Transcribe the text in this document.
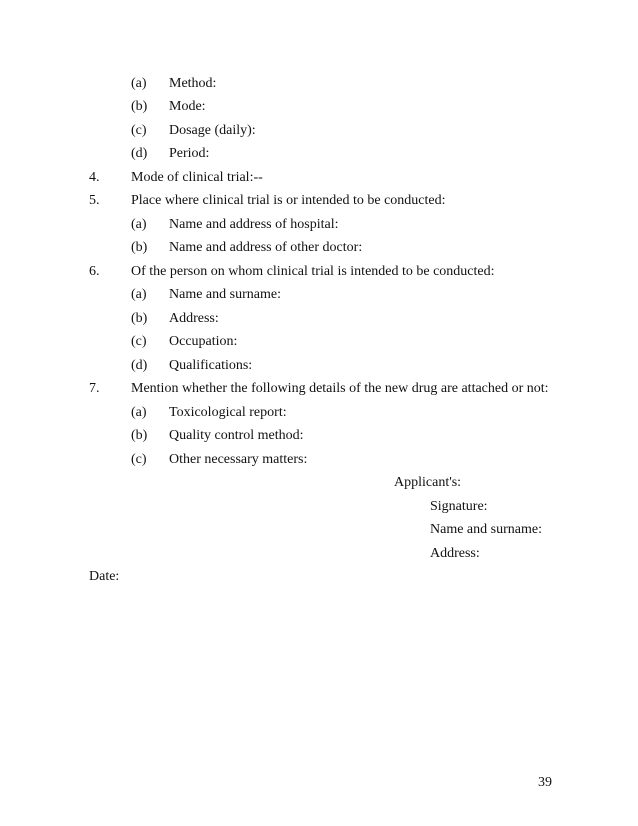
(a) Method:
(b) Mode:
(c) Dosage (daily):
(d) Period:
4. Mode of clinical trial:--
5. Place where clinical trial is or intended to be conducted:
(a) Name and address of hospital:
(b) Name and address of other doctor:
6. Of the person on whom clinical trial is intended to be conducted:
(a) Name and surname:
(b) Address:
(c) Occupation:
(d) Qualifications:
7. Mention whether the following details of the new drug are attached or not:
(a) Toxicological report:
(b) Quality control method:
(c) Other necessary matters:
Applicant's:
Signature:
Name and surname:
Address:
Date:
39
